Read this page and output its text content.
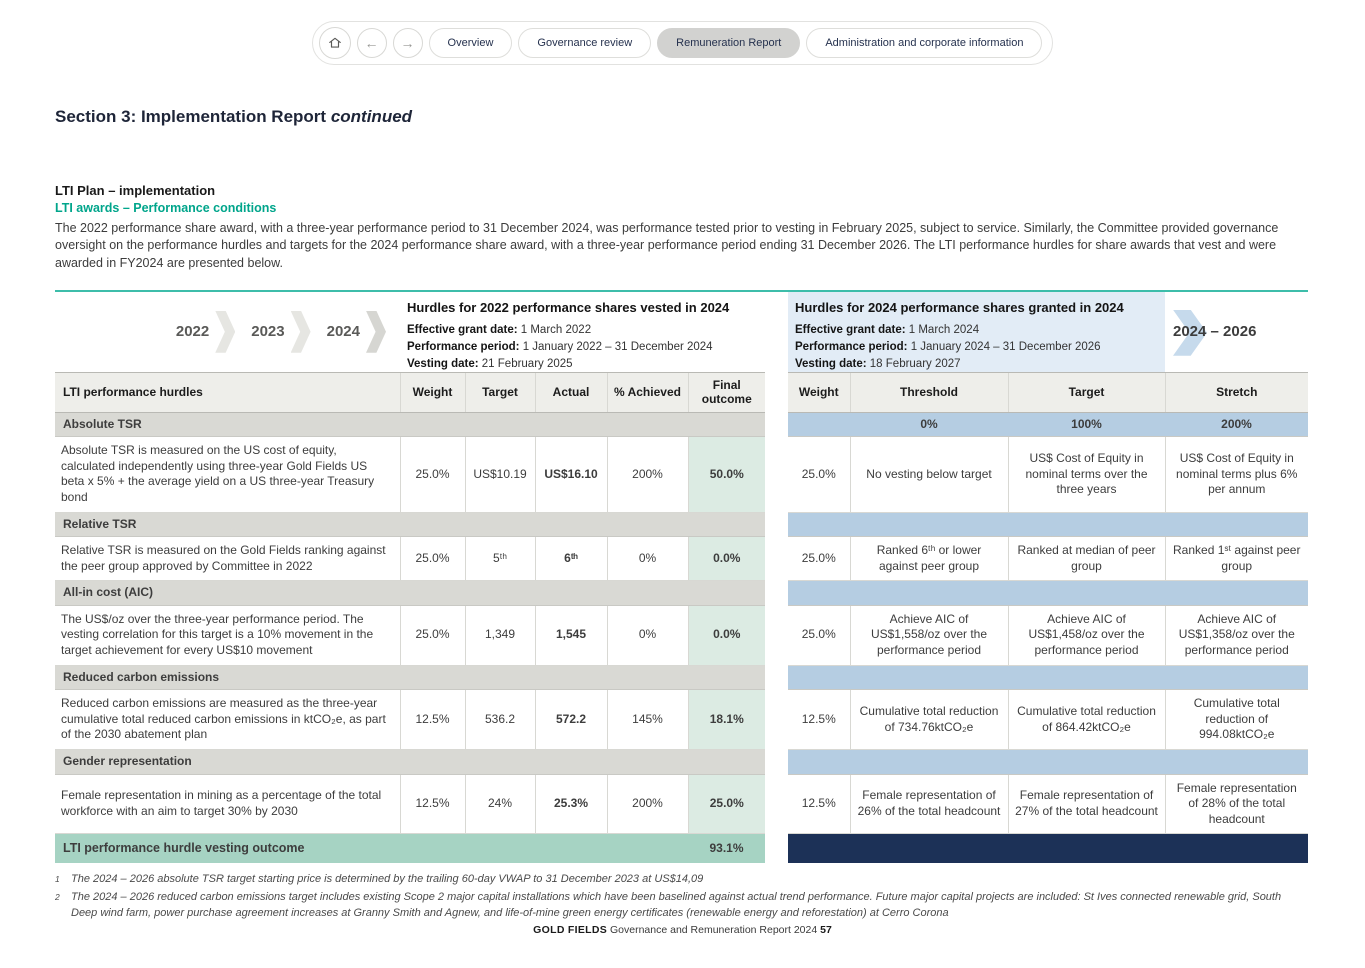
← →	Overview	Governance review	Remuneration Report	Administration and corporate information
Section 3: Implementation Report continued
LTI Plan – implementation
LTI awards – Performance conditions

The 2022 performance share award, with a three-year performance period to 31 December 2024, was performance tested prior to vesting in February 2025, subject to service. Similarly, the Committee provided governance oversight on the performance hurdles and targets for the 2024 performance share award, with a three-year performance period ending 31 December 2026. The LTI performance hurdles for share awards that vest and were awarded in FY2024 are presented below.

2022	2023	2024
Hurdles for 2022 performance shares vested in 2024
Effective grant date: 1 March 2022
Performance period: 1 January 2022 – 31 December 2024
Vesting date: 21 February 2025
Hurdles for 2024 performance shares granted in 2024
Effective grant date: 1 March 2024
Performance period: 1 January 2024 – 31 December 2026
Vesting date: 18 February 2027
2024 – 2026
LTI performance hurdles	Weight	Target	Actual	% Achieved	Final outcome		Weight	Threshold	Target	Stretch
Absolute TSR								0%	100%	200%
Absolute TSR is measured on the US cost of equity, calculated independently using three-year Gold Fields US beta x 5% + the average yield on a US three-year Treasury bond	25.0%	US$10.19	US$16.10	200%	50.0%		25.0%	No vesting below target	US$ Cost of Equity in nominal terms over the three years	US$ Cost of Equity in nominal terms plus 6% per annum
Relative TSR										
Relative TSR is measured on the Gold Fields ranking against the peer group approved by Committee in 2022	25.0%	5ᵗʰ	6ᵗʰ	0%	0.0%		25.0%	Ranked 6ᵗʰ or lower against peer group	Ranked at median of peer group	Ranked 1ˢᵗ against peer group
All-in cost (AIC)										
The US$/oz over the three-year performance period. The vesting correlation for this target is a 10% movement in the target achievement for every US$10 movement	25.0%	1,349	1,545	0%	0.0%		25.0%	Achieve AIC of US$1,558/oz over the performance period	Achieve AIC of US$1,458/oz over the performance period	Achieve AIC of US$1,358/oz over the performance period
Reduced carbon emissions										
Reduced carbon emissions are measured as the three-year cumulative total reduced carbon emissions in ktCO₂e, as part of the 2030 abatement plan	12.5%	536.2	572.2	145%	18.1%		12.5%	Cumulative total reduction of 734.76ktCO₂e	Cumulative total reduction of 864.42ktCO₂e	Cumulative total reduction of 994.08ktCO₂e
Gender representation										
Female representation in mining as a percentage of the total workforce with an aim to target 30% by 2030	12.5%	24%	25.3%	200%	25.0%		12.5%	Female representation of 26% of the total headcount	Female representation of 27% of the total headcount	Female representation of 28% of the total headcount
LTI performance hurdle vesting outcome					93.1%					
1	The 2024 – 2026 absolute TSR target starting price is determined by the trailing 60-day VWAP to 31 December 2023 at US$14,09
2	The 2024 – 2026 reduced carbon emissions target includes existing Scope 2 major capital installations which have been baselined against actual trend performance. Future major capital projects are included: St Ives connected renewable grid, South Deep wind farm, power purchase agreement increases at Granny Smith and Agnew, and life-of-mine green energy certificates (renewable energy and reforestation) at Cerro Corona
GOLD FIELDS Governance and Remuneration Report 2024 57
